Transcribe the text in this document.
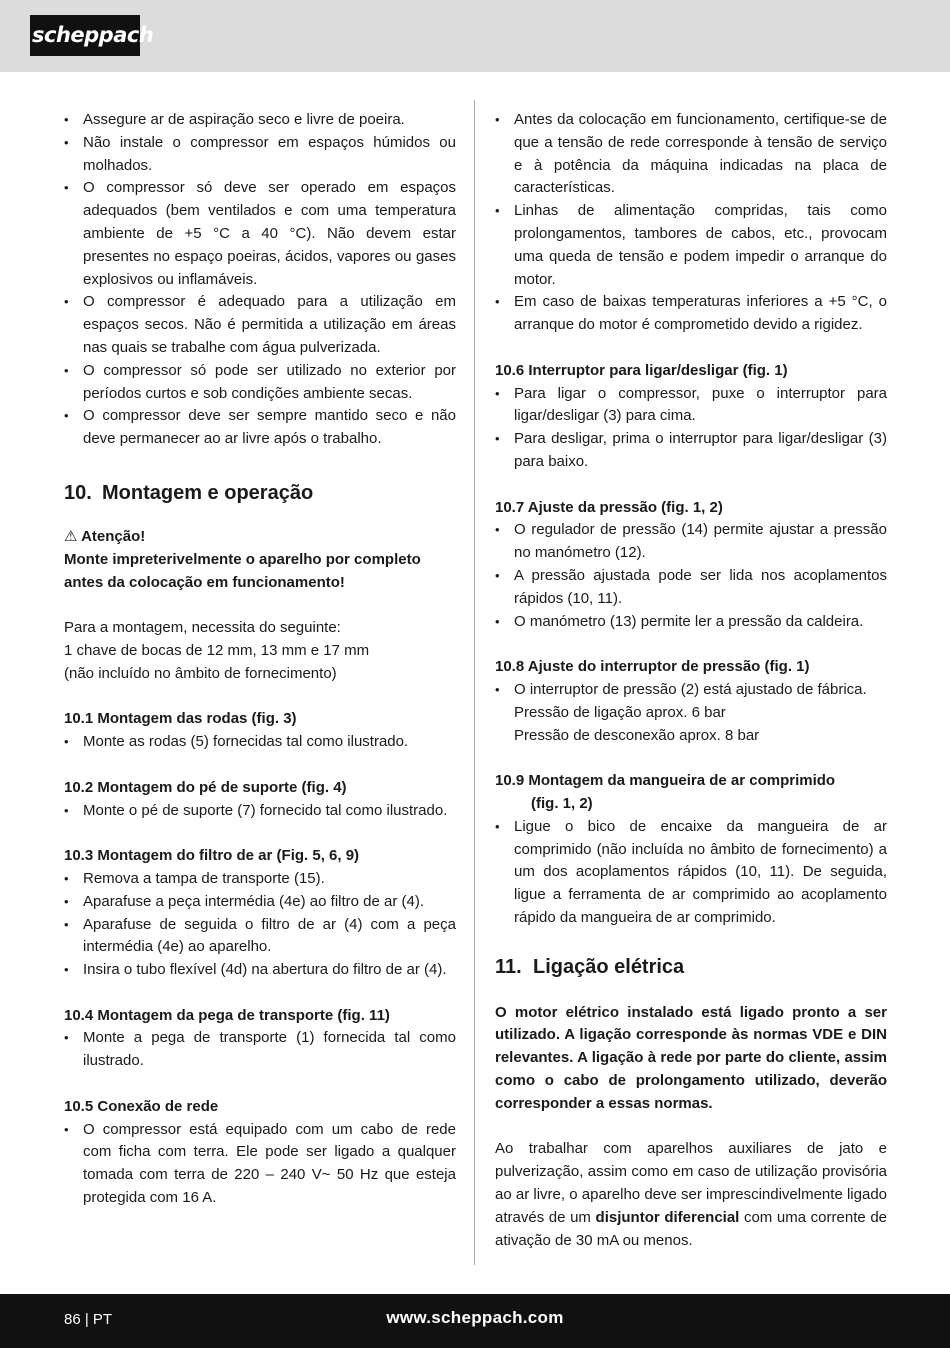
scheppach
• Assegure ar de aspiração seco e livre de poeira.
• Não instale o compressor em espaços húmidos ou molhados.
• O compressor só deve ser operado em espaços adequados (bem ventilados e com uma temperatura ambiente de +5 °C a 40 °C). Não devem estar presentes no espaço poeiras, ácidos, vapores ou gases explosivos ou inflamáveis.
• O compressor é adequado para a utilização em espaços secos. Não é permitida a utilização em áreas nas quais se trabalhe com água pulverizada.
• O compressor só pode ser utilizado no exterior por períodos curtos e sob condições ambiente secas.
• O compressor deve ser sempre mantido seco e não deve permanecer ao ar livre após o trabalho.
10. Montagem e operação

⚠ Atenção!

Monte impreterivelmente o aparelho por completo antes da colocação em funcionamento!

Para a montagem, necessita do seguinte:

1 chave de bocas de 12 mm, 13 mm e 17 mm

(não incluído no âmbito de fornecimento)

10.1 Montagem das rodas (fig. 3)

• Monte as rodas (5) fornecidas tal como ilustrado.

10.2 Montagem do pé de suporte (fig. 4)

• Monte o pé de suporte (7) fornecido tal como ilustrado.

10.3 Montagem do filtro de ar (Fig. 5, 6, 9)

• Remova a tampa de transporte (15).
• Aparafuse a peça intermédia (4e) ao filtro de ar (4).
• Aparafuse de seguida o filtro de ar (4) com a peça intermédia (4e) ao aparelho.
• Insira o tubo flexível (4d) na abertura do filtro de ar (4).

10.4 Montagem da pega de transporte (fig. 11)

• Monte a pega de transporte (1) fornecida tal como ilustrado.

10.5 Conexão de rede

• O compressor está equipado com um cabo de rede com ficha com terra. Ele pode ser ligado a qualquer tomada com terra de 220 – 240 V~ 50 Hz que esteja protegida com 16 A.
• Antes da colocação em funcionamento, certifique-se de que a tensão de rede corresponde à tensão de serviço e à potência da máquina indicadas na placa de características.
• Linhas de alimentação compridas, tais como prolongamentos, tambores de cabos, etc., provocam uma queda de tensão e podem impedir o arranque do motor.
• Em caso de baixas temperaturas inferiores a +5 °C, o arranque do motor é comprometido devido a rigidez.

10.6 Interruptor para ligar/desligar (fig. 1)

• Para ligar o compressor, puxe o interruptor para ligar/desligar (3) para cima.
• Para desligar, prima o interruptor para ligar/desligar (3) para baixo.

10.7 Ajuste da pressão (fig. 1, 2)

• O regulador de pressão (14) permite ajustar a pressão no manómetro (12).
• A pressão ajustada pode ser lida nos acoplamentos rápidos (10, 11).
• O manómetro (13) permite ler a pressão da caldeira.

10.8 Ajuste do interruptor de pressão (fig. 1)

• O interruptor de pressão (2) está ajustado de fábrica.

Pressão de ligação aprox. 6 bar

Pressão de desconexão aprox. 8 bar

10.9 Montagem da mangueira de ar comprimido

(fig. 1, 2)

• Ligue o bico de encaixe da mangueira de ar comprimido (não incluída no âmbito de fornecimento) a um dos acoplamentos rápidos (10, 11). De seguida, ligue a ferramenta de ar comprimido ao acoplamento rápido da mangueira de ar comprimido.
11. Ligação elétrica

O motor elétrico instalado está ligado pronto a ser utilizado. A ligação corresponde às normas VDE e DIN relevantes. A ligação à rede por parte do cliente, assim como o cabo de prolongamento utilizado, deverão corresponder a essas normas.

Ao trabalhar com aparelhos auxiliares de jato e pulverização, assim como em caso de utilização provisória ao ar livre, o aparelho deve ser imprescindivelmente ligado através de um disjuntor diferencial com uma corrente de ativação de 30 mA ou menos.

86 | PT	www.scheppach.com
